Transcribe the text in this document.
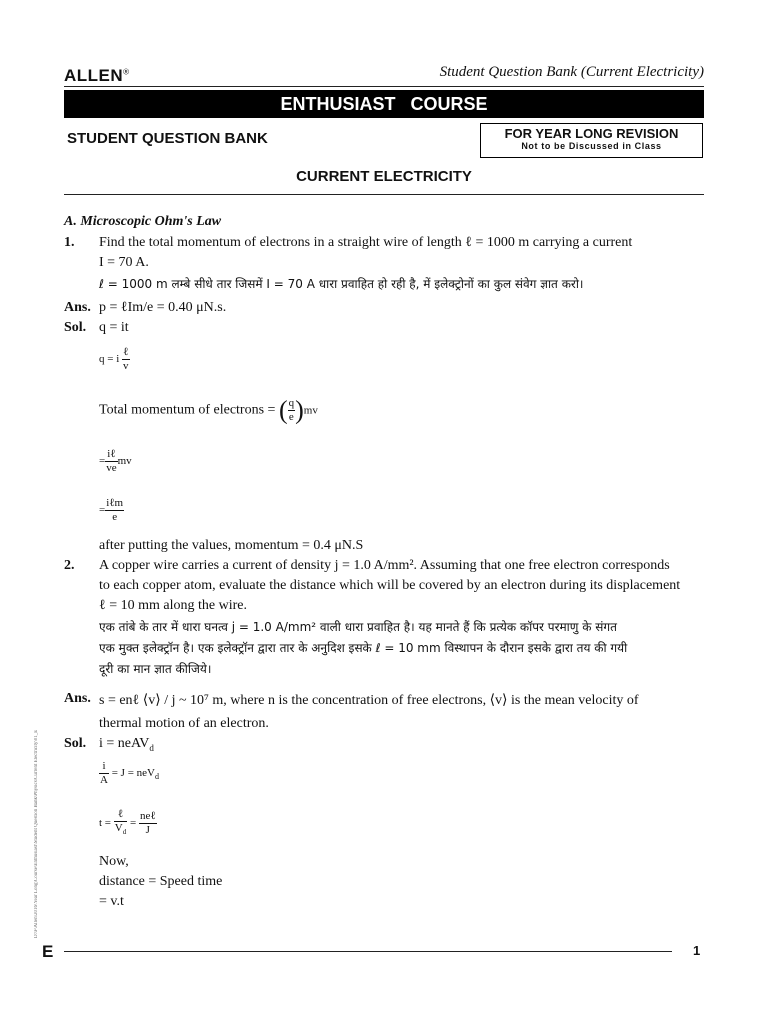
ALLEN®	Student Question Bank (Current Electricity)
ENTHUSIAST   COURSE
STUDENT QUESTION BANK	FOR YEAR LONG REVISION
Not to be Discussed in Class
CURRENT ELECTRICITY
A. Microscopic Ohm's Law
1. Find the total momentum of electrons in a straight wire of length ℓ = 1000 m carrying a current
I = 70 A.
ℓ = 1000 m लम्बे सीधे तार जिसमें I = 70 A धारा प्रवाहित हो रही है, में इलेक्ट्रोनों का कुल संवेग ज्ञात करो।
Ans. p = ℓIm/e = 0.40 μN.s.
Sol. q = it
q = i $\frac{\text{ℓ}}{v}$
Total momentum of electrons = ( $\frac{q}{e} )mv$
= $\frac{\text{iℓ}}{ve}$ mv
= $\frac{\text{iℓm}}{e}$
after putting the values, momentum = 0.4 μN.S
2. A copper wire carries a current of density j = 1.0 A/mm². Assuming that one free electron corresponds
to each copper atom, evaluate the distance which will be covered by an electron during its displacement
ℓ = 10 mm along the wire.
एक तांबे के तार में धारा घनत्व j = 1.0 A/mm² वाली धारा प्रवाहित है। यह मानते हैं कि प्रत्येक कॉपर परमाणु के संगत
एक मुक्त इलेक्ट्रॉन है। एक इलेक्ट्रॉन द्वारा तार के अनुदिश इसके ℓ = 10 mm विस्थापन के दौरान इसके द्वारा तय की गयी
दूरी का मान ज्ञात कीजिये।
Ans. s = enℓ ⟨v⟩ / j ~ 10⁷ m, where n is the concentration of free electrons, ⟨v⟩ is the mean velocity of
thermal motion of an electron.
Sol. i = neAV$_d$
$\frac{i}{A} = J = neV_d$
$t = \frac{\text{ℓ}}{V_d} = \frac{\text{neℓ}}{J}$
Now,
distance = Speed time
= v.t
D:\F\Allen\2016\Year Long\Course\Enthusiast\Student Question Bank\Physics\Current Electricity\01_E
E	1
